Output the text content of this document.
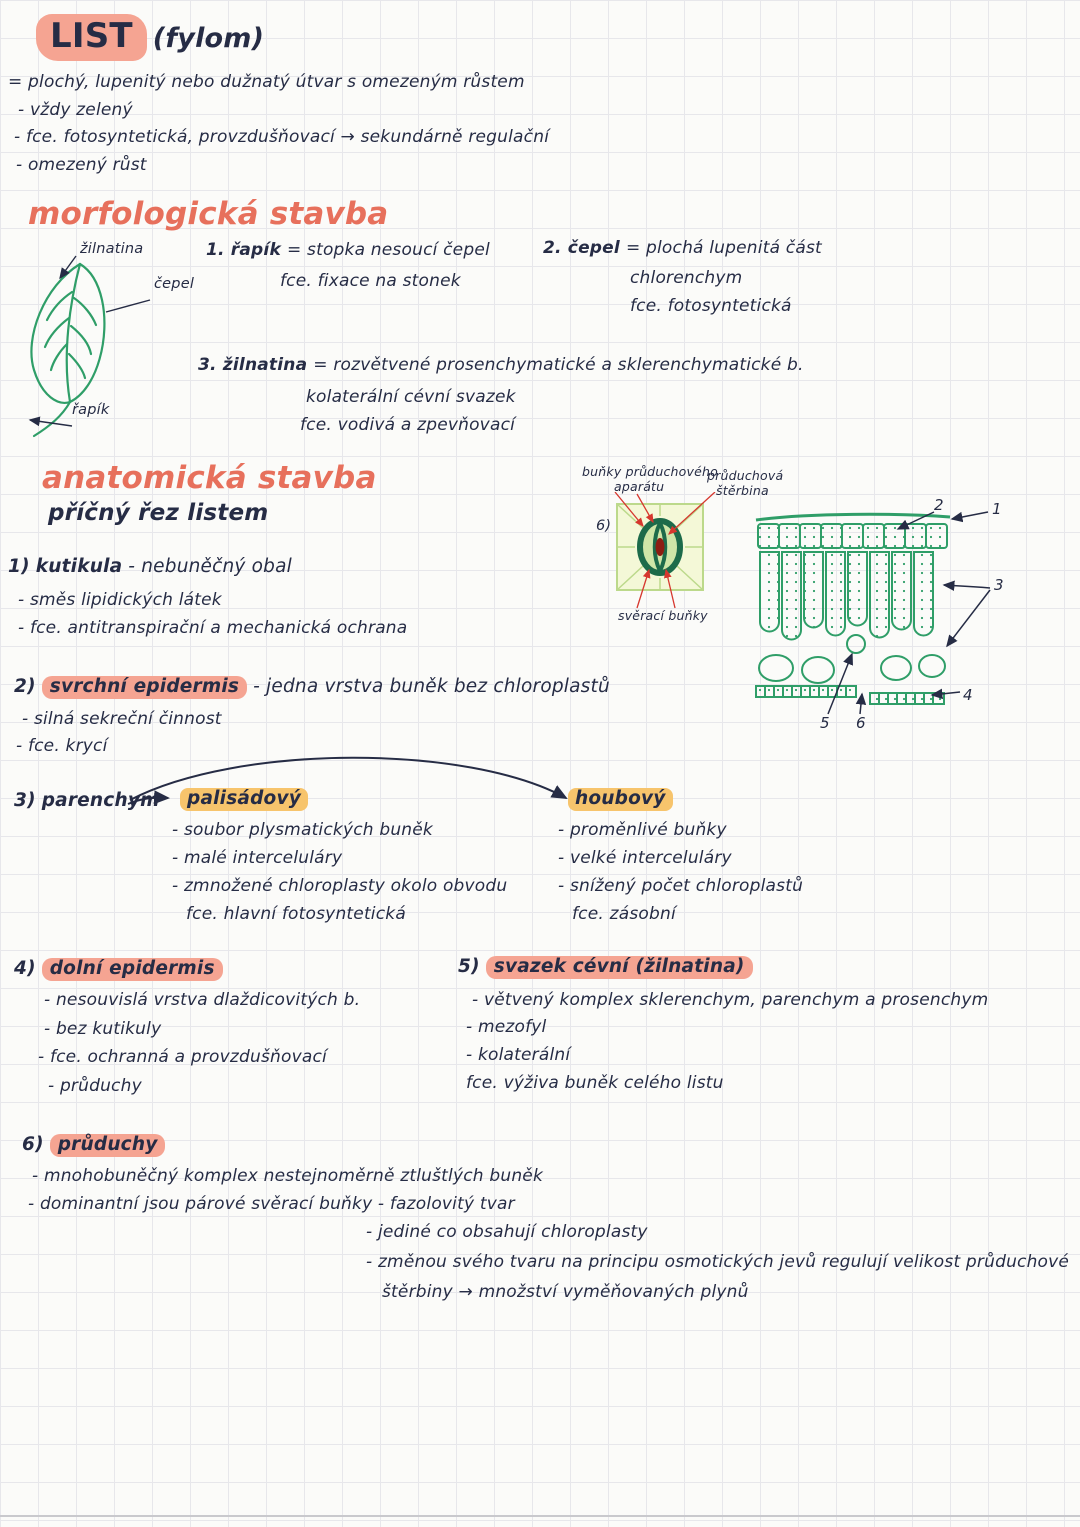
LIST (fylom)
= plochý, lupenitý nebo dužnatý útvar s omezeným růstem
- vždy zelený
- fce. fotosyntetická, provzdušňovací → sekundárně regulační
- omezený růst
morfologická stavba
žilnatina
čepel
řapík
1. řapík = stopka nesoucí čepel
fce. fixace na stonek
2. čepel = plochá lupenitá část
chlorenchym
fce. fotosyntetická
3. žilnatina = rozvětvené prosenchymatické a sklerenchymatické b.
kolaterální cévní svazek
fce. vodivá a zpevňovací
anatomická stavba
příčný řez listem
buňky průduchového
aparátu
průduchová
štěrbina
6)
svěrací buňky
1
2
3
4
5 6
1) kutikula - nebuněčný obal
- směs lipidických látek
- fce. antitranspirační a mechanická ochrana
2) svrchní epidermis - jedna vrstva buněk bez chloroplastů
- silná sekreční činnost
- fce. krycí
3) parenchym	palisádový
- soubor plysmatických buněk
- malé interceluláry
- zmnožené chloroplasty okolo obvodu
fce. hlavní fotosyntetická
houbový
- proměnlivé buňky
- velké interceluláry
- snížený počet chloroplastů
fce. zásobní
4) dolní epidermis
- nesouvislá vrstva dlaždicovitých b.
- bez kutikuly
- fce. ochranná a provzdušňovací
- průduchy
5) svazek cévní (žilnatina)
- větvený komplex sklerenchym, parenchym a prosenchym
- mezofyl
- kolaterální
fce. výživa buněk celého listu
6) průduchy
- mnohobuněčný komplex nestejnoměrně ztluštlých buněk
- dominantní jsou párové svěrací buňky - fazolovitý tvar
- jediné co obsahují chloroplasty
- změnou svého tvaru na principu osmotických jevů regulují velikost průduchové
štěrbiny → množství vyměňovaných plynů
